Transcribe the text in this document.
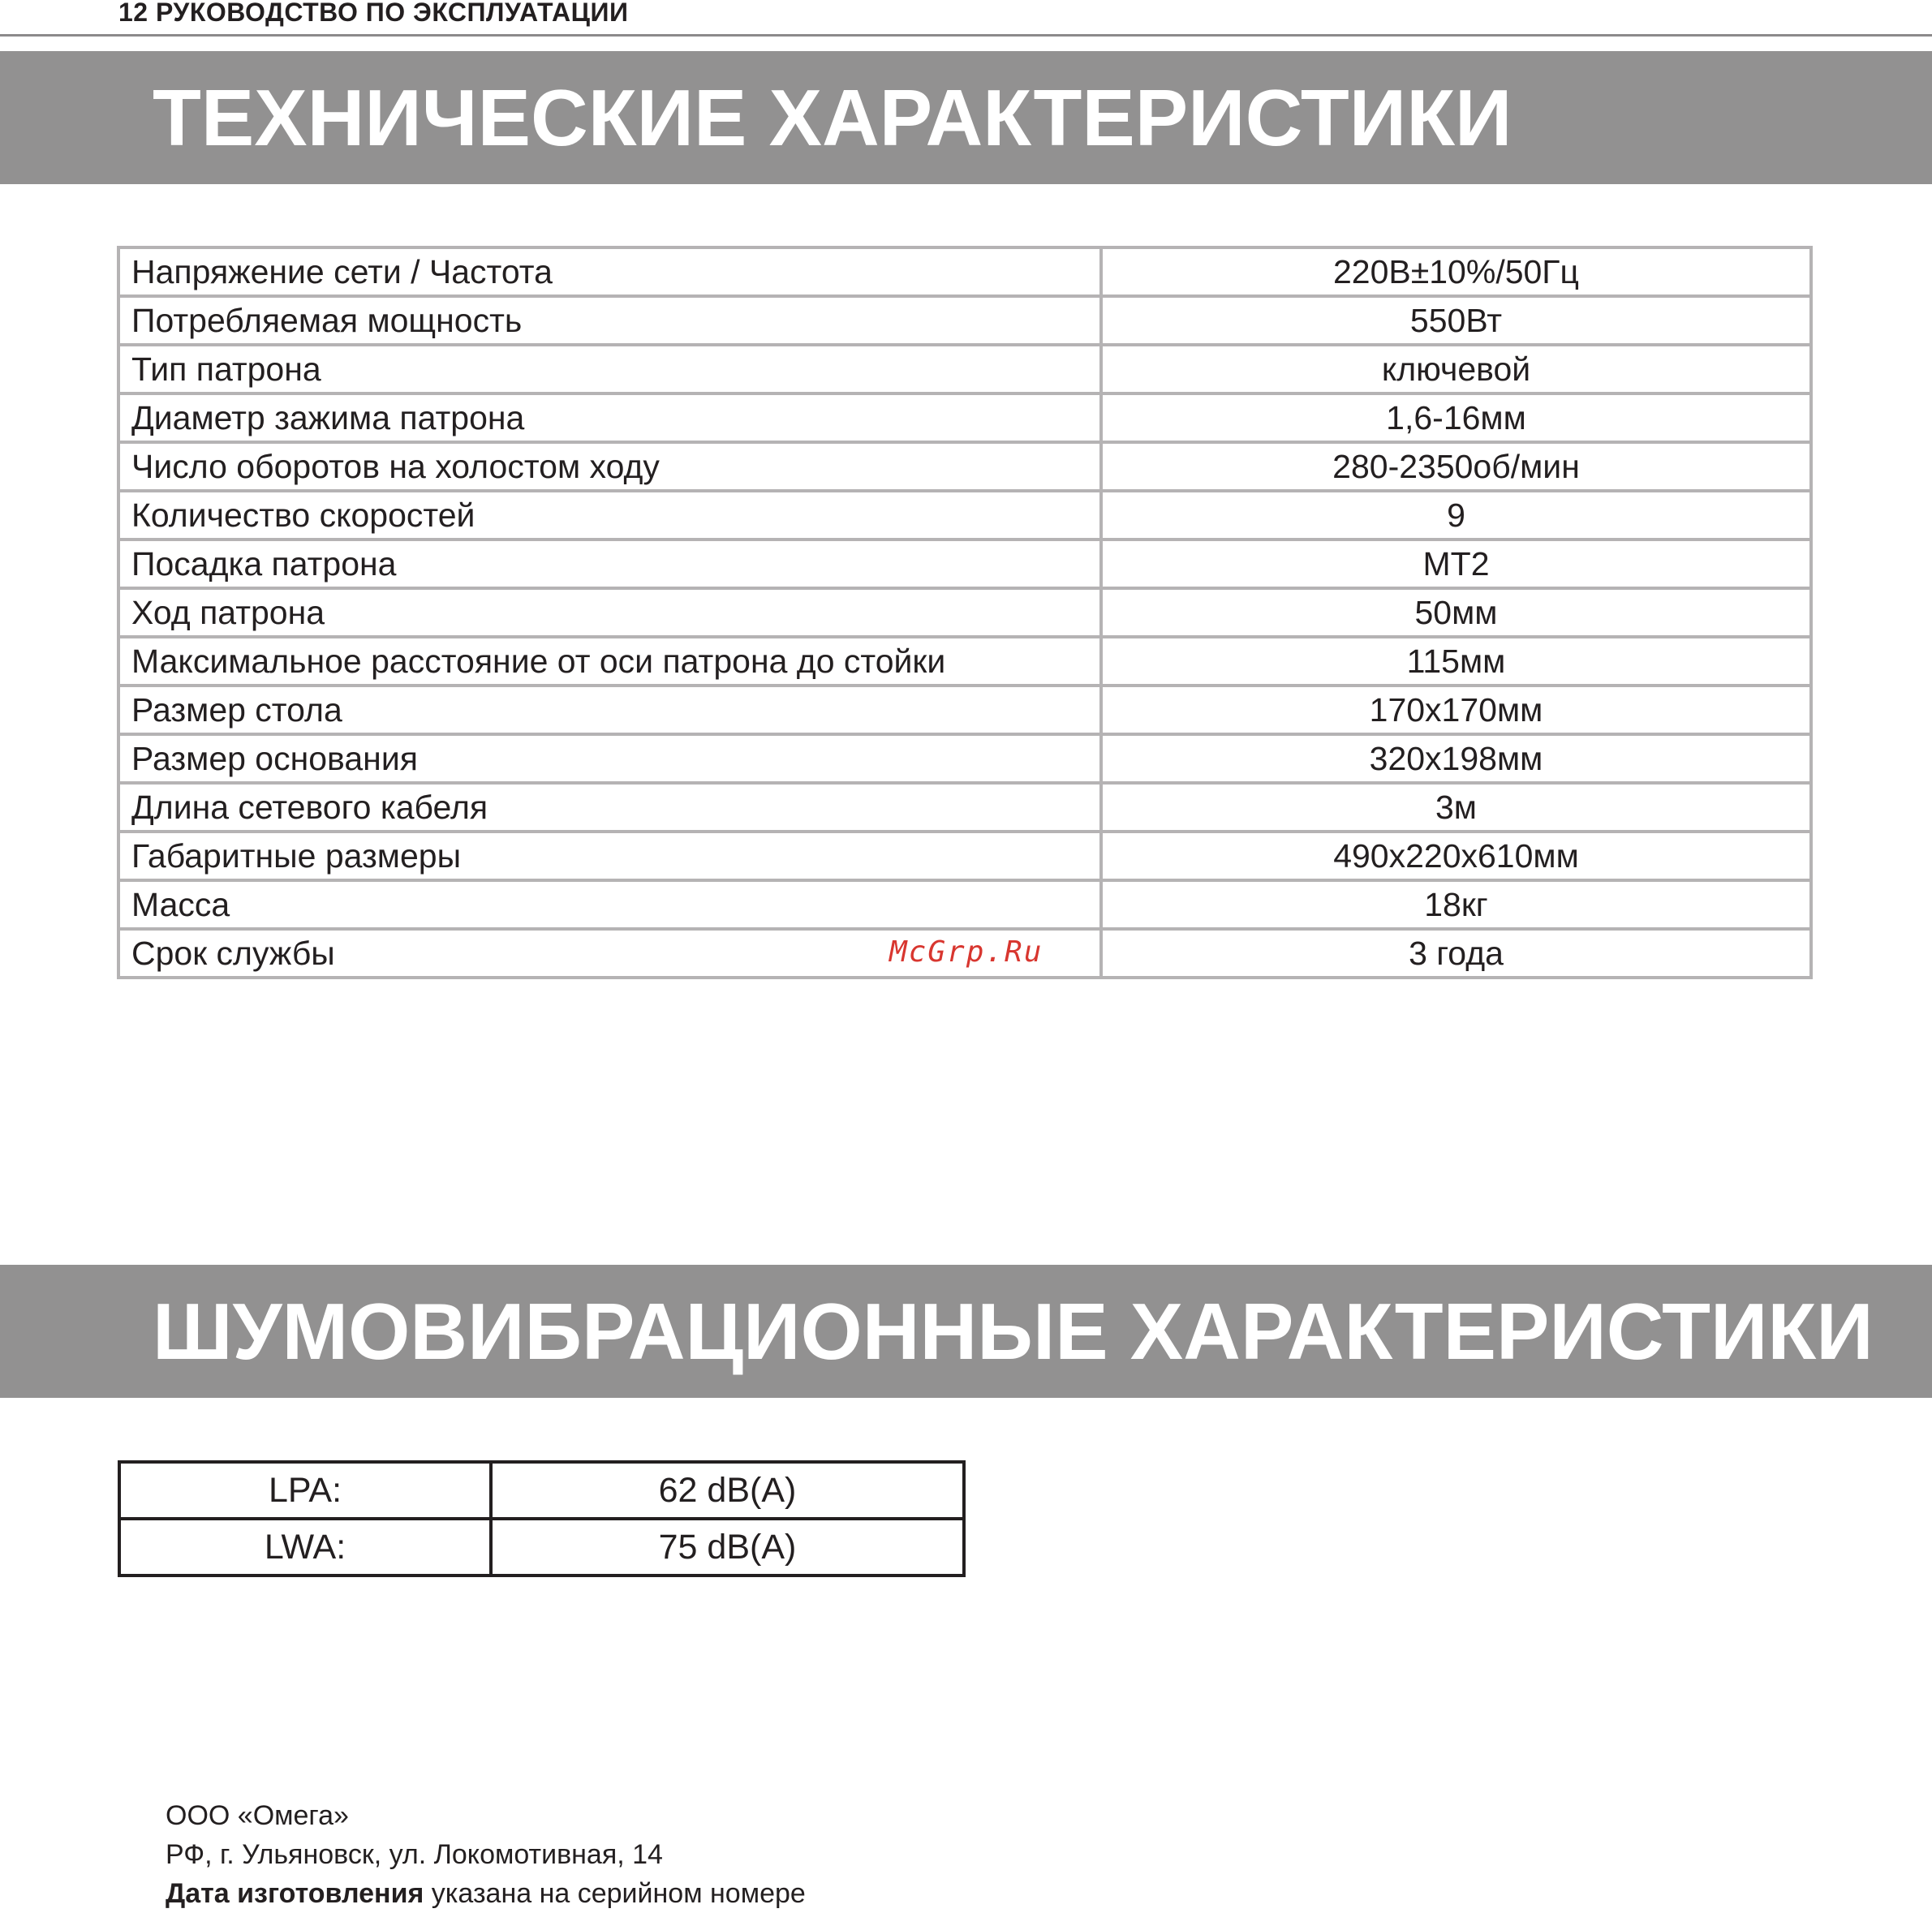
12 РУКОВОДСТВО ПО ЭКСПЛУАТАЦИИ
ТЕХНИЧЕСКИЕ ХАРАКТЕРИСТИКИ
Напряжение сети / Частота	220В±10%/50Гц
Потребляемая мощность	550Вт
Тип патрона	ключевой
Диаметр зажима патрона	1,6-16мм
Число оборотов на холостом ходу	280-2350об/мин
Количество скоростей	9
Посадка патрона	МТ2
Ход патрона	50мм
Максимальное расстояние от оси патрона до стойки	115мм
Размер стола	170х170мм
Размер основания	320х198мм
Длина сетевого кабеля	3м
Габаритные размеры	490х220х610мм
Масса	18кг
Срок службы	3 года
McGrp.Ru
ШУМОВИБРАЦИОННЫЕ ХАРАКТЕРИСТИКИ
LPA:	62 dB(A)
LWA:	75 dB(A)
ООО «Омега»
РФ, г. Ульяновск, ул. Локомотивная, 14
Дата изготовления указана на серийном номере
